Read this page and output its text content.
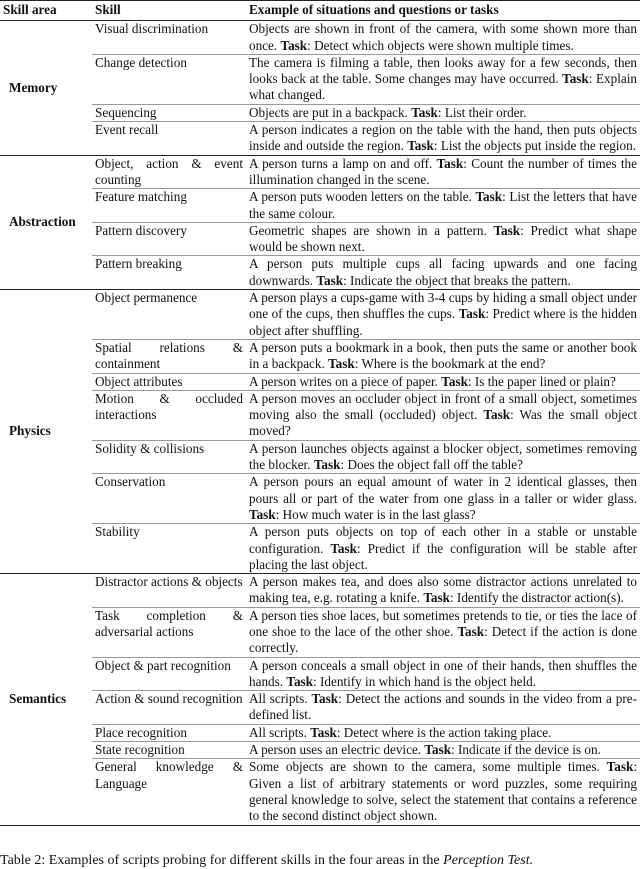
Skill area	Skill	Example of situations and questions or tasks
Memory	Visual discrimination	Objects are shown in front of the camera, with some shown more than once. Task: Detect which objects were shown multiple times.
	Change detection	The camera is filming a table, then looks away for a few seconds, then looks back at the table. Some changes may have occurred. Task: Explain what changed.
	Sequencing	Objects are put in a backpack. Task: List their order.
	Event recall	A person indicates a region on the table with the hand, then puts objects inside and outside the region. Task: List the objects put inside the region.
Abstraction	Object, action & event counting	A person turns a lamp on and off. Task: Count the number of times the illumination changed in the scene.
	Feature matching	A person puts wooden letters on the table. Task: List the letters that have the same colour.
	Pattern discovery	Geometric shapes are shown in a pattern. Task: Predict what shape would be shown next.
	Pattern breaking	A person puts multiple cups all facing upwards and one facing downwards. Task: Indicate the object that breaks the pattern.
Physics	Object permanence	A person plays a cups-game with 3-4 cups by hiding a small object under one of the cups, then shuffles the cups. Task: Predict where is the hidden object after shuffling.
	Spatial relations & containment	A person puts a bookmark in a book, then puts the same or another book in a backpack. Task: Where is the bookmark at the end?
	Object attributes	A person writes on a piece of paper. Task: Is the paper lined or plain?
	Motion & occluded interactions	A person moves an occluder object in front of a small object, sometimes moving also the small (occluded) object. Task: Was the small object moved?
	Solidity & collisions	A person launches objects against a blocker object, sometimes removing the blocker. Task: Does the object fall off the table?
	Conservation	A person pours an equal amount of water in 2 identical glasses, then pours all or part of the water from one glass in a taller or wider glass. Task: How much water is in the last glass?
	Stability	A person puts objects on top of each other in a stable or unstable configuration. Task: Predict if the configuration will be stable after placing the last object.
Semantics	Distractor actions & objects	A person makes tea, and does also some distractor actions unrelated to making tea, e.g. rotating a knife. Task: Identify the distractor action(s).
	Task completion & adversarial actions	A person ties shoe laces, but sometimes pretends to tie, or ties the lace of one shoe to the lace of the other shoe. Task: Detect if the action is done correctly.
	Object & part recognition	A person conceals a small object in one of their hands, then shuffles the hands. Task: Identify in which hand is the object held.
	Action & sound recognition	All scripts. Task: Detect the actions and sounds in the video from a pre-defined list.
	Place recognition	All scripts. Task: Detect where is the action taking place.
	State recognition	A person uses an electric device. Task: Indicate if the device is on.
	General knowledge & Language	Some objects are shown to the camera, some multiple times. Task: Given a list of arbitrary statements or word puzzles, some requiring general knowledge to solve, select the statement that contains a reference to the second distinct object shown.
Table 2: Examples of scripts probing for different skills in the four areas in the Perception Test.
